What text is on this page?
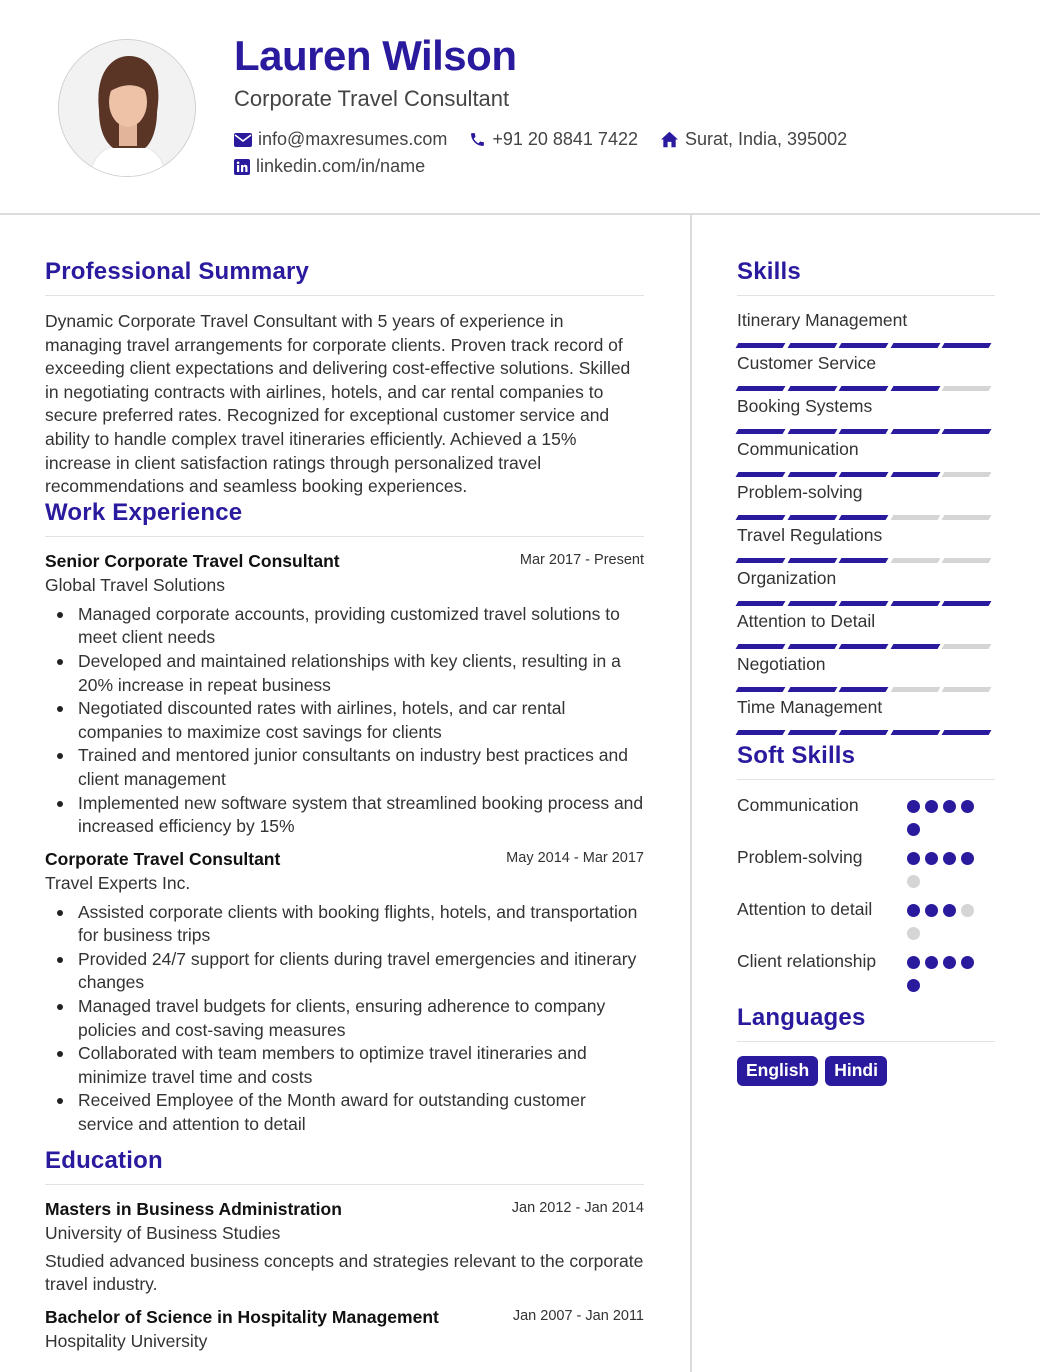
Lauren Wilson
Corporate Travel Consultant
info@maxresumes.com	+91 20 8841 7422	Surat, India, 395002
linkedin.com/in/name
Professional Summary

Dynamic Corporate Travel Consultant with 5 years of experience in managing travel arrangements for corporate clients. Proven track record of exceeding client expectations and delivering cost-effective solutions. Skilled in negotiating contracts with airlines, hotels, and car rental companies to secure preferred rates. Recognized for exceptional customer service and ability to handle complex travel itineraries efficiently. Achieved a 15% increase in client satisfaction ratings through personalized travel recommendations and seamless booking experiences.

Work Experience
Senior Corporate Travel Consultant	Mar 2017 - Present
Global Travel Solutions
Managed corporate accounts, providing customized travel solutions to meet client needs
Developed and maintained relationships with key clients, resulting in a 20% increase in repeat business
Negotiated discounted rates with airlines, hotels, and car rental companies to maximize cost savings for clients
Trained and mentored junior consultants on industry best practices and client management
Implemented new software system that streamlined booking process and increased efficiency by 15%
Corporate Travel Consultant	May 2014 - Mar 2017
Travel Experts Inc.
Assisted corporate clients with booking flights, hotels, and transportation for business trips
Provided 24/7 support for clients during travel emergencies and itinerary changes
Managed travel budgets for clients, ensuring adherence to company policies and cost-saving measures
Collaborated with team members to optimize travel itineraries and minimize travel time and costs
Received Employee of the Month award for outstanding customer service and attention to detail
Education
Masters in Business Administration	Jan 2012 - Jan 2014
University of Business Studies
Studied advanced business concepts and strategies relevant to the corporate travel industry.
Bachelor of Science in Hospitality Management	Jan 2007 - Jan 2011
Hospitality University
Skills
Itinerary Management
Customer Service
Booking Systems
Communication
Problem-solving
Travel Regulations
Organization
Attention to Detail
Negotiation
Time Management
Soft Skills
Communication
Problem-solving
Attention to detail
Client relationship
Languages
English	Hindi
